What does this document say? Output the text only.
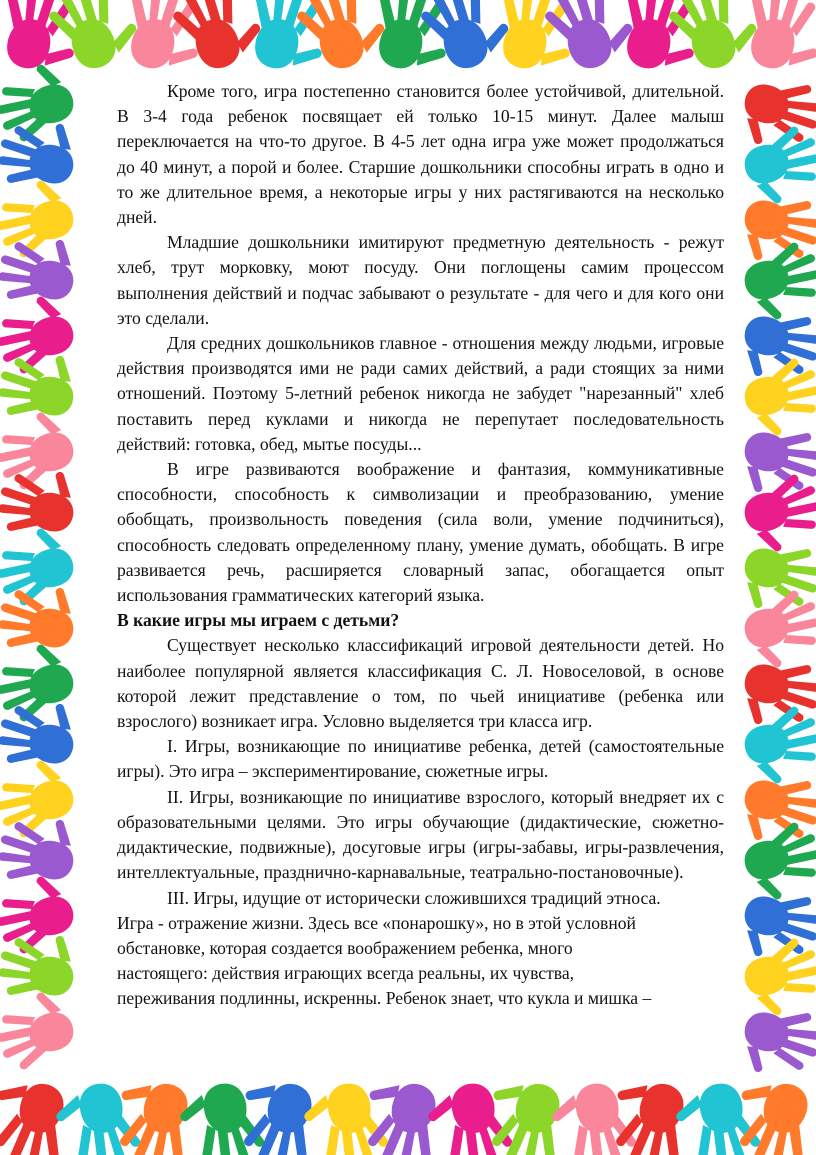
Кроме того, игра постепенно становится более устойчивой, длительной. В 3-4 года ребенок посвящает ей только 10-15 минут. Далее малыш переключается на что-то другое. В 4-5 лет одна игра уже может продолжаться до 40 минут, а порой и более. Старшие дошкольники способны играть в одно и то же длительное время, а некоторые игры у них растягиваются на несколько дней.

Младшие дошкольники имитируют предметную деятельность - режут хлеб, трут морковку, моют посуду. Они поглощены самим процессом выполнения действий и подчас забывают о результате - для чего и для кого они это сделали.

Для средних дошкольников главное - отношения между людьми, игровые действия производятся ими не ради самих действий, а ради стоящих за ними отношений. Поэтому 5-летний ребенок никогда не забудет "нарезанный" хлеб поставить перед куклами и никогда не перепутает последовательность действий: готовка, обед, мытье посуды...

В игре развиваются воображение и фантазия, коммуникативные способности, способность к символизации и преобразованию, умение обобщать, произвольность поведения (сила воли, умение подчиниться), способность следовать определенному плану, умение думать, обобщать. В игре развивается речь, расширяется словарный запас, обогащается опыт использования грамматических категорий языка.

В какие игры мы играем с детьми?

Существует несколько классификаций игровой деятельности детей. Но наиболее популярной является классификация С. Л. Новоселовой, в основе которой лежит представление о том, по чьей инициативе (ребенка или взрослого) возникает игра. Условно выделяется три класса игр.

I. Игры, возникающие по инициативе ребенка, детей (самостоятельные игры). Это игра – экспериментирование, сюжетные игры.

II. Игры, возникающие по инициативе взрослого, который внедряет их с образовательными целями. Это игры обучающие (дидактические, сюжетно-дидактические, подвижные), досуговые игры (игры-забавы, игры-развлечения, интеллектуальные, празднично-карнавальные, театрально-постановочные).

III. Игры, идущие от исторически сложившихся традиций этноса.

Игра - отражение жизни. Здесь все «понарошку», но в этой условной

обстановке, которая создается воображением ребенка, много

настоящего: действия играющих всегда реальны, их чувства,

переживания подлинны, искренны. Ребенок знает, что кукла и мишка –
